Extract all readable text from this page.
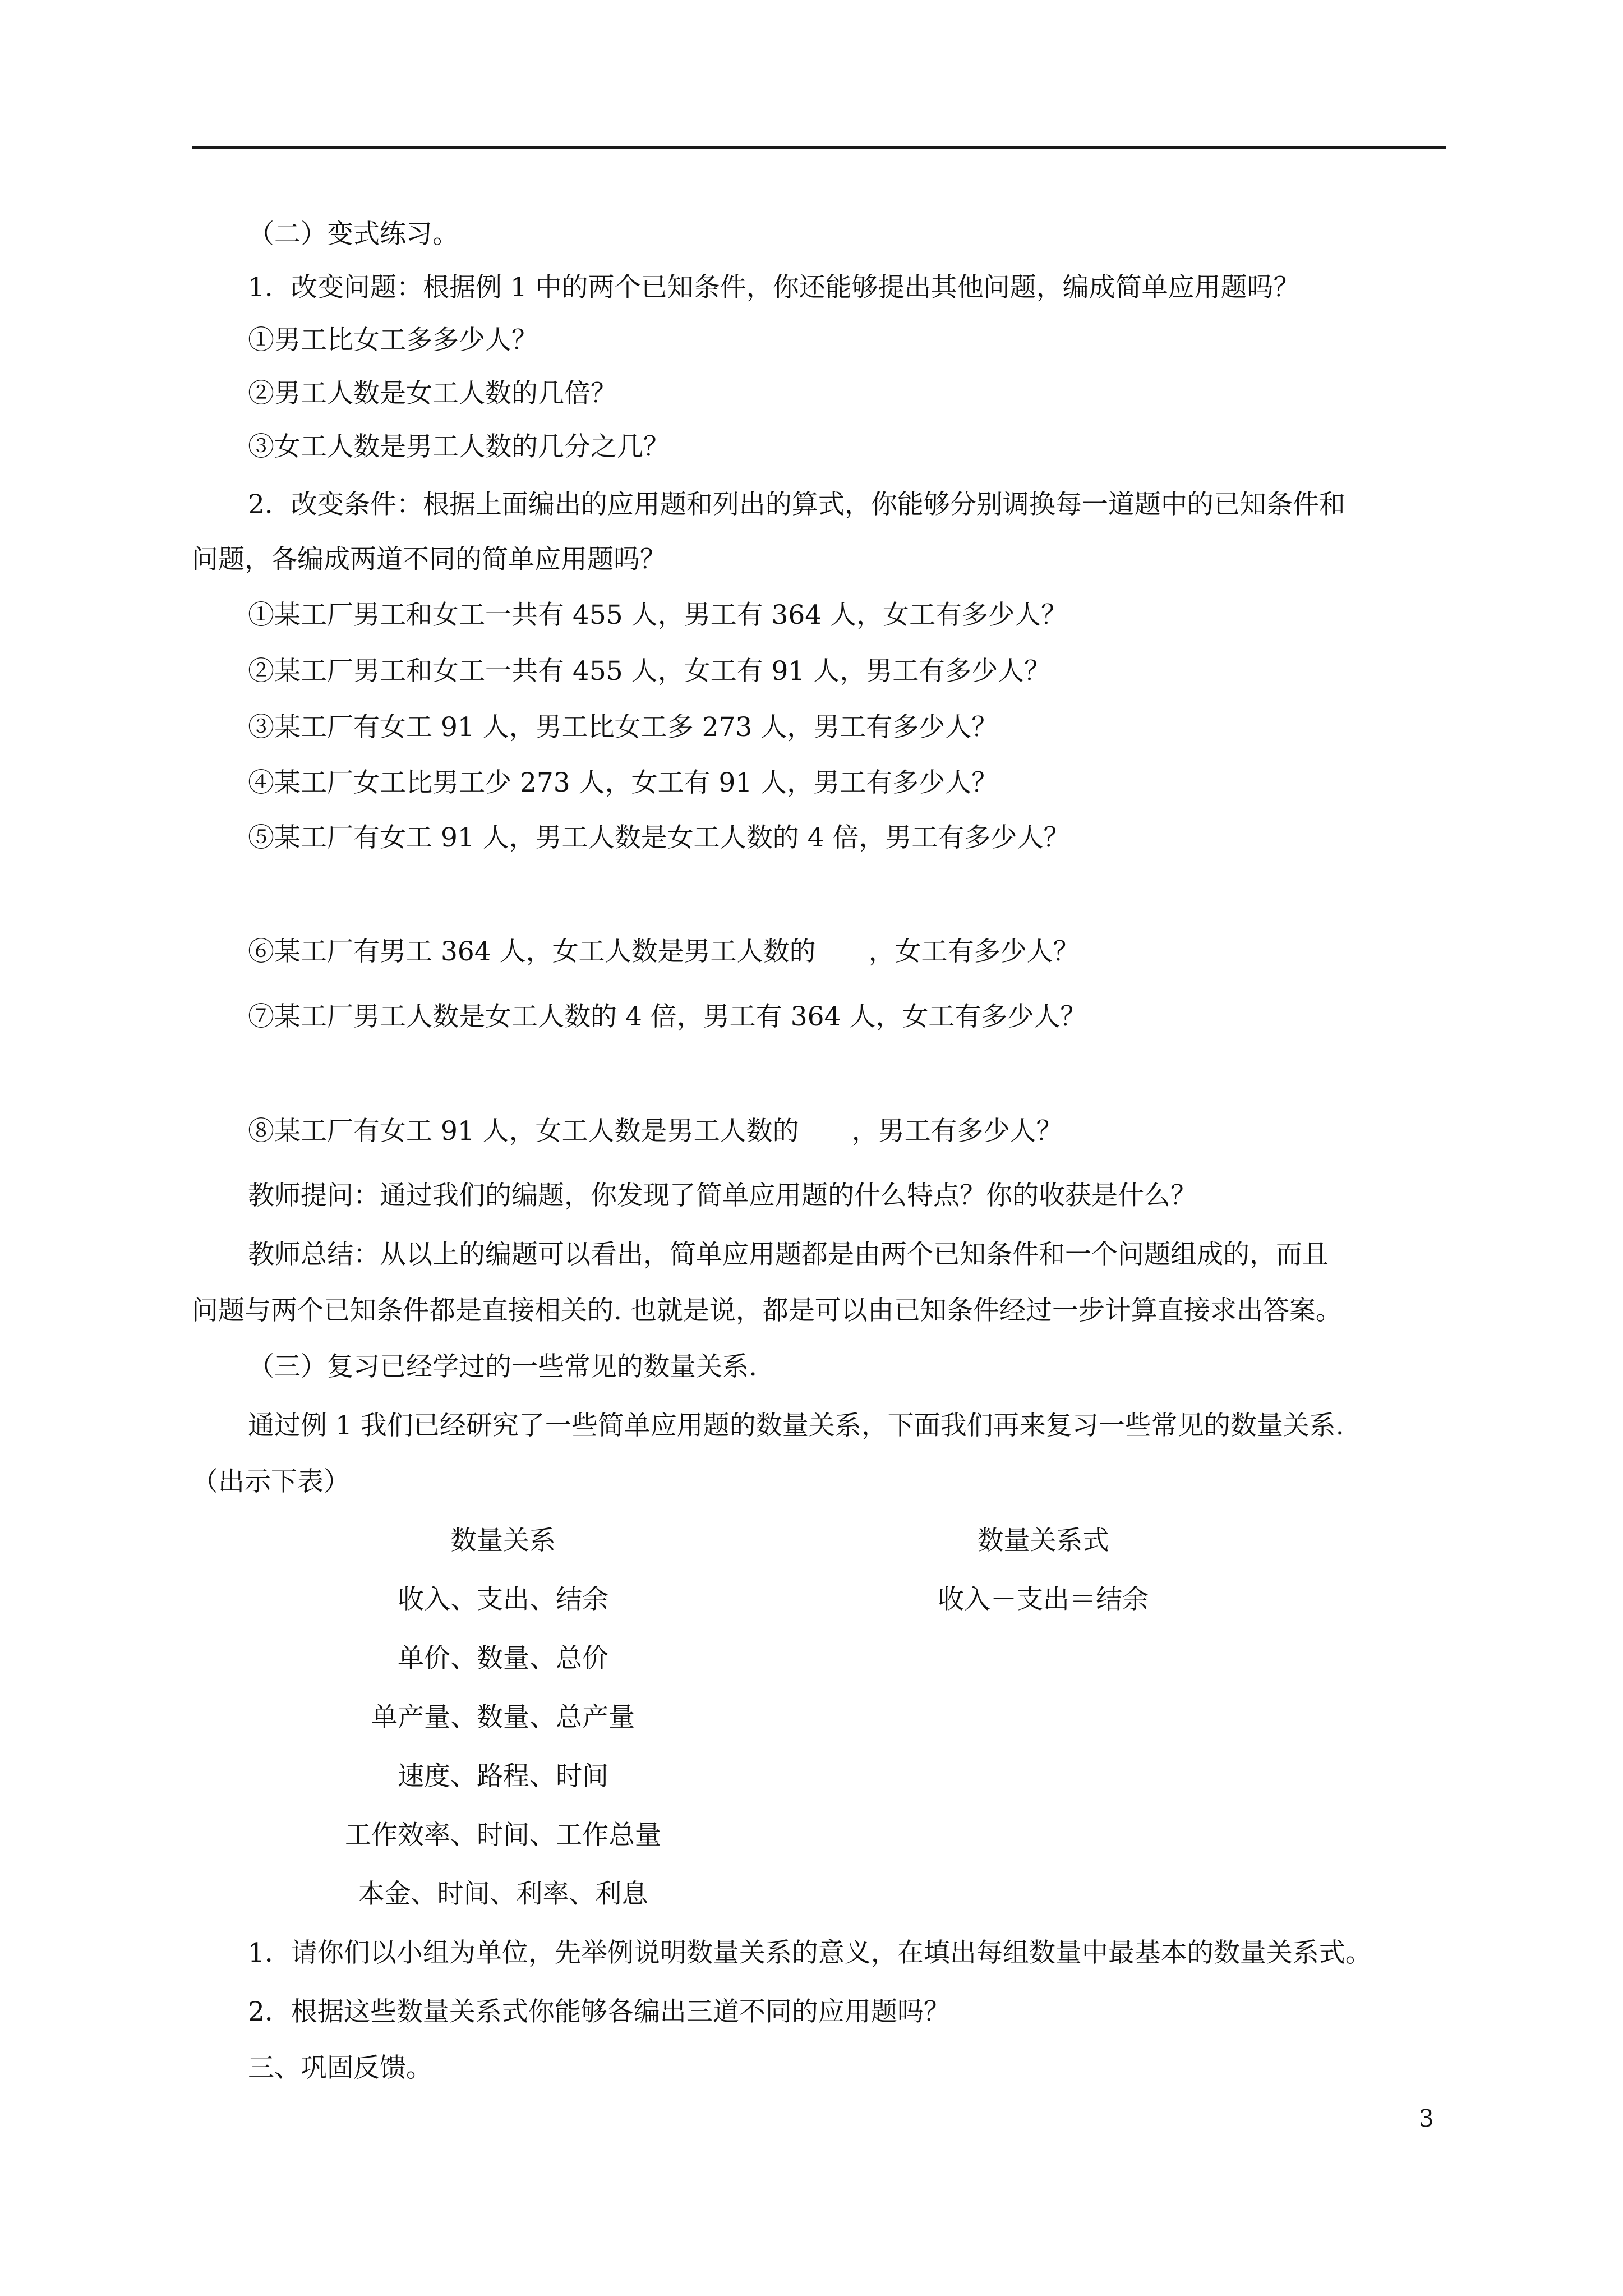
（二）变式练习。
1．改变问题：根据例 1 中的两个已知条件，你还能够提出其他问题，编成简单应用题吗？
①男工比女工多多少人？
②男工人数是女工人数的几倍？
③女工人数是男工人数的几分之几？
2．改变条件：根据上面编出的应用题和列出的算式，你能够分别调换每一道题中的已知条件和
问题，各编成两道不同的简单应用题吗？
①某工厂男工和女工一共有 455 人，男工有 364 人，女工有多少人？
②某工厂男工和女工一共有 455 人，女工有 91 人，男工有多少人？
③某工厂有女工 91 人，男工比女工多 273 人，男工有多少人？
④某工厂女工比男工少 273 人，女工有 91 人，男工有多少人？
⑤某工厂有女工 91 人，男工人数是女工人数的 4 倍，男工有多少人？
⑥某工厂有男工 364 人，女工人数是男工人数的　　，女工有多少人？
⑦某工厂男工人数是女工人数的 4 倍，男工有 364 人，女工有多少人？
⑧某工厂有女工 91 人，女工人数是男工人数的　　，男工有多少人？
教师提问：通过我们的编题，你发现了简单应用题的什么特点？你的收获是什么？
教师总结：从以上的编题可以看出，简单应用题都是由两个已知条件和一个问题组成的，而且
问题与两个已知条件都是直接相关的. 也就是说，都是可以由已知条件经过一步计算直接求出答案。
（三）复习已经学过的一些常见的数量关系.
通过例 1 我们已经研究了一些简单应用题的数量关系，下面我们再来复习一些常见的数量关系.
（出示下表）
数量关系	数量关系式
收入、支出、结余	收入－支出＝结余
单价、数量、总价
单产量、数量、总产量
速度、路程、时间
工作效率、时间、工作总量
本金、时间、利率、利息
1．请你们以小组为单位，先举例说明数量关系的意义，在填出每组数量中最基本的数量关系式。
2．根据这些数量关系式你能够各编出三道不同的应用题吗？
三、巩固反馈。
3
